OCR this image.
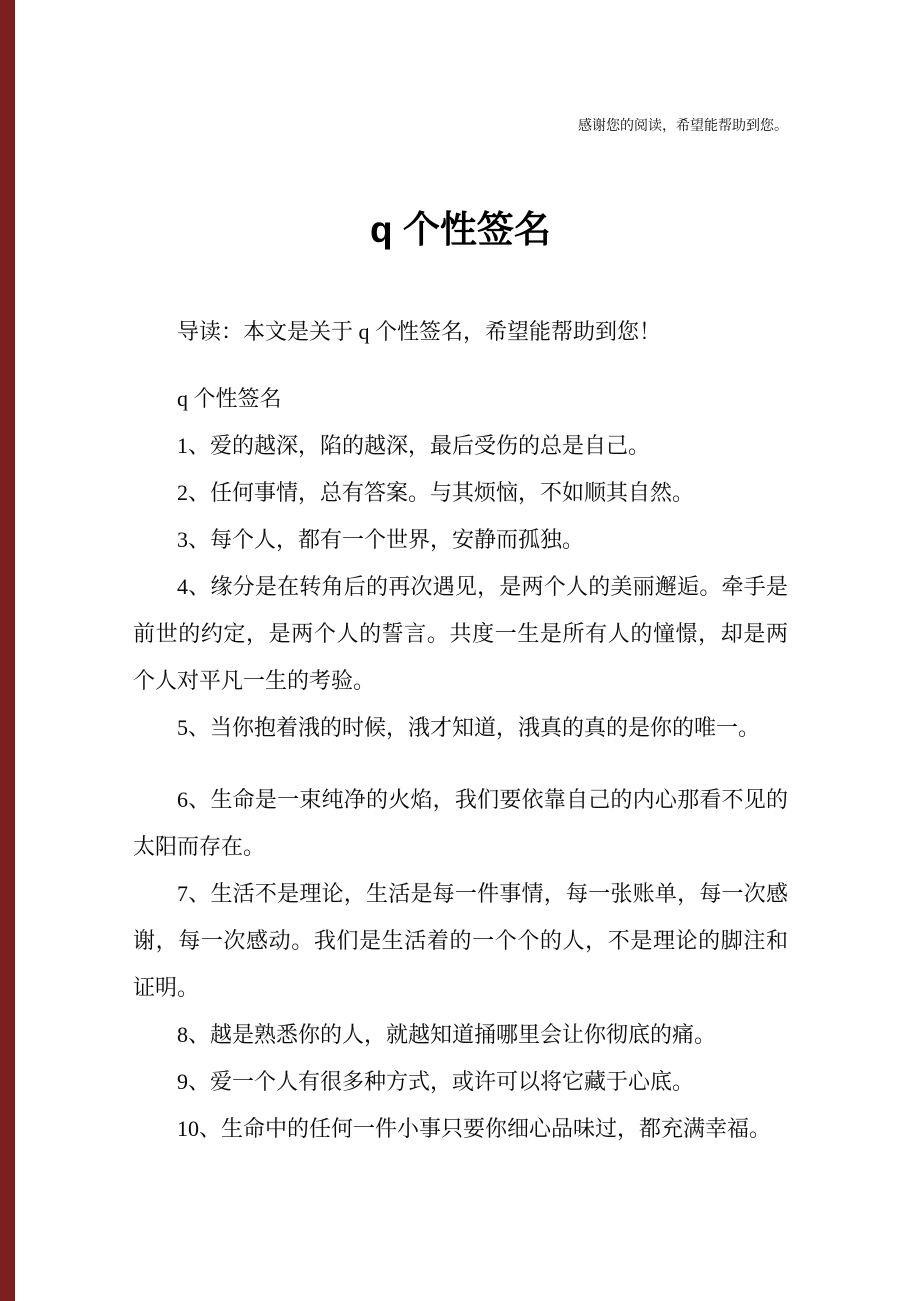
感谢您的阅读，希望能帮助到您。
q 个性签名

导读：本文是关于 q 个性签名，希望能帮助到您！

q 个性签名

1、爱的越深，陷的越深，最后受伤的总是自己。

2、任何事情，总有答案。与其烦恼，不如顺其自然。

3、每个人，都有一个世界，安静而孤独。

4、缘分是在转角后的再次遇见，是两个人的美丽邂逅。牵手是前世的约定，是两个人的誓言。共度一生是所有人的憧憬，却是两个人对平凡一生的考验。

5、当你抱着涐的时候，涐才知道，涐真的真的是你的唯一。

6、生命是一束纯净的火焰，我们要依靠自己的内心那看不见的太阳而存在。

7、生活不是理论，生活是每一件事情，每一张账单，每一次感谢，每一次感动。我们是生活着的一个个的人，不是理论的脚注和证明。

8、越是熟悉你的人，就越知道捅哪里会让你彻底的痛。

9、爱一个人有很多种方式，或许可以将它藏于心底。

10、生命中的任何一件小事只要你细心品味过，都充满幸福。
